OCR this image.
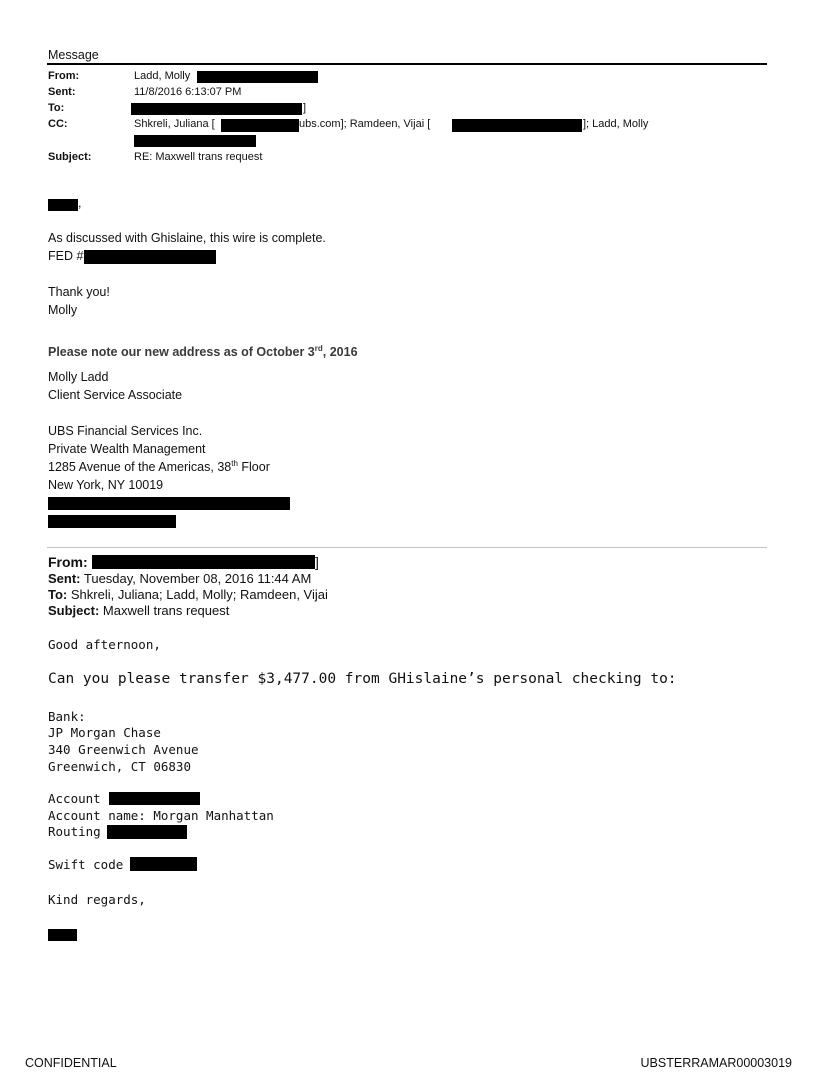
Message
From:	Ladd, Molly
Sent:	11/8/2016 6:13:07 PM
To:	]
CC:	Shkreli, Juliana [	ubs.com]; Ramdeen, Vijai [	]; Ladd, Molly
Subject:	RE: Maxwell trans request
,
As discussed with Ghislaine, this wire is complete.
FED #
Thank you!
Molly
Please note our new address as of October 3rd, 2016
Molly Ladd
Client Service Associate
UBS Financial Services Inc.
Private Wealth Management
1285 Avenue of the Americas, 38th Floor
New York, NY 10019
From:	]
Sent: Tuesday, November 08, 2016 11:44 AM
To: Shkreli, Juliana; Ladd, Molly; Ramdeen, Vijai
Subject: Maxwell trans request
Good afternoon,
Can you please transfer $3,477.00 from GHislaine’s personal checking to:
Bank:
JP Morgan Chase
340 Greenwich Avenue
Greenwich, CT 06830
Account
Account name: Morgan Manhattan
Routing
Swift code
Kind regards,
CONFIDENTIAL	UBSTERRAMAR00003019
